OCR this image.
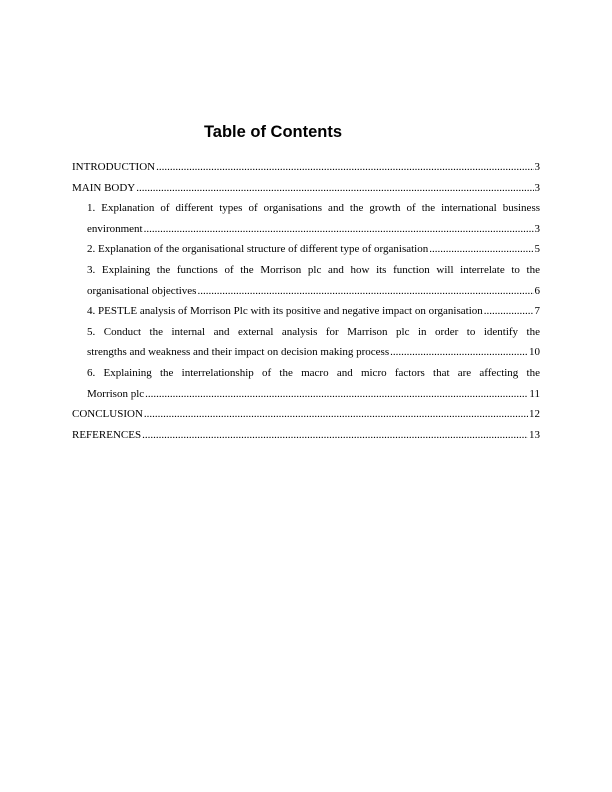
Table of Contents
INTRODUCTION .....	3
MAIN BODY .....	3
1. Explanation of different types of organisations and the growth of the international business
environment .....	3
2. Explanation of the organisational structure of different type of organisation .....	5
3. Explaining the functions of the Morrison plc and how its function will interrelate to the
organisational objectives .....	6
4. PESTLE analysis of Morrison Plc with its positive and negative impact on organisation .....	7
5. Conduct the internal and external analysis for Marrison plc in order to identify the
strengths and weakness and their impact on decision making process .....	10
6. Explaining the interrelationship of the macro and micro factors that are affecting the
Morrison plc .....	11
CONCLUSION .....	12
REFERENCES .....	13
